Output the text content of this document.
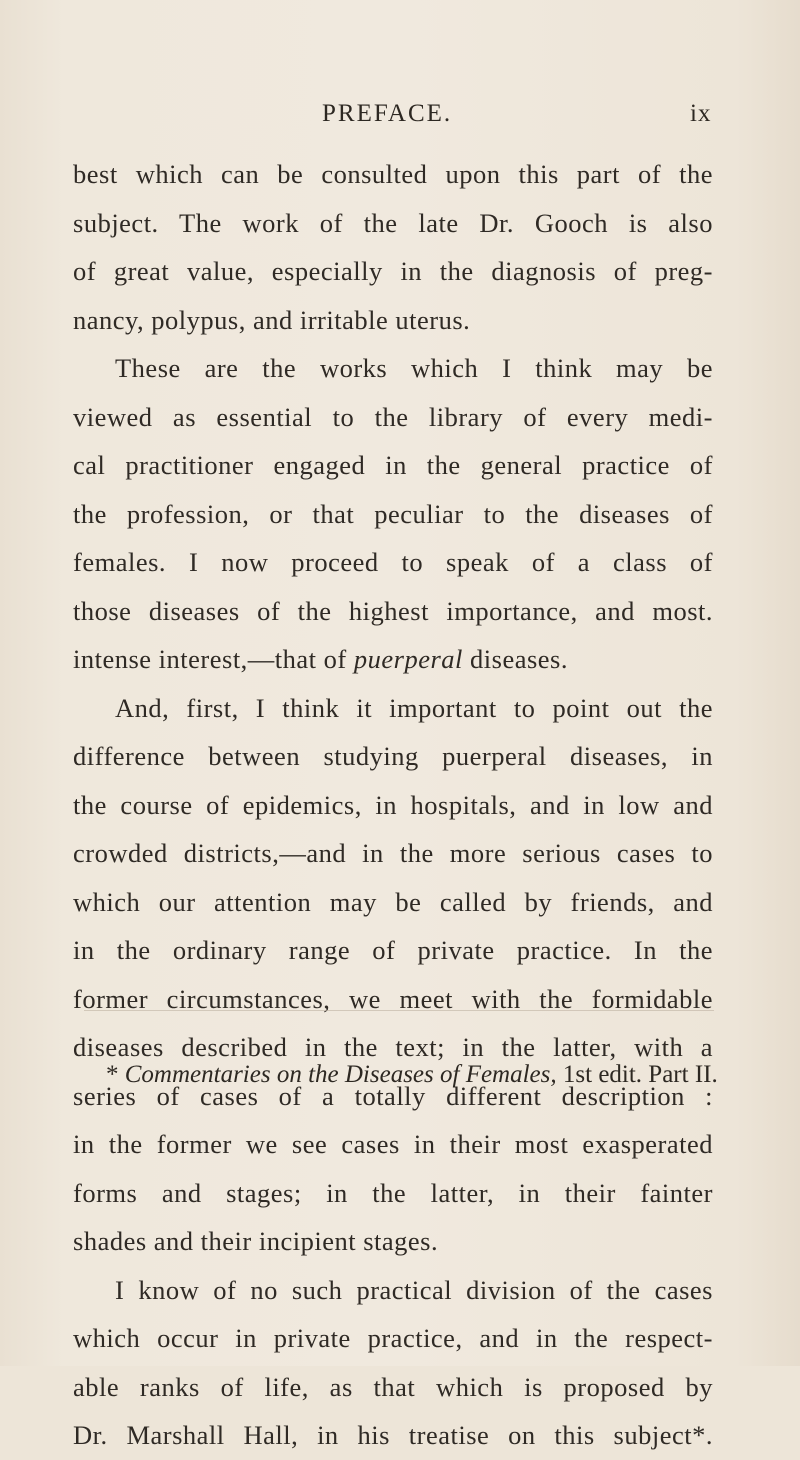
PREFACE.	ix
best which can be consulted upon this part of the
subject. The work of the late Dr. Gooch is also
of great value, especially in the diagnosis of preg-
nancy, polypus, and irritable uterus.
These are the works which I think may be
viewed as essential to the library of every medi-
cal practitioner engaged in the general practice of
the profession, or that peculiar to the diseases of
females. I now proceed to speak of a class of
those diseases of the highest importance, and most.
intense interest,—that of puerperal diseases.
And, first, I think it important to point out the
difference between studying puerperal diseases, in
the course of epidemics, in hospitals, and in low and
crowded districts,—and in the more serious cases to
which our attention may be called by friends, and
in the ordinary range of private practice. In the
former circumstances, we meet with the formidable
diseases described in the text; in the latter, with a
series of cases of a totally different description :
in the former we see cases in their most exasperated
forms and stages; in the latter, in their fainter
shades and their incipient stages.
I know of no such practical division of the cases
which occur in private practice, and in the respect-
able ranks of life, as that which is proposed by
Dr. Marshall Hall, in his treatise on this subject*.
* Commentaries on the Diseases of Females, 1st edit. Part II.
